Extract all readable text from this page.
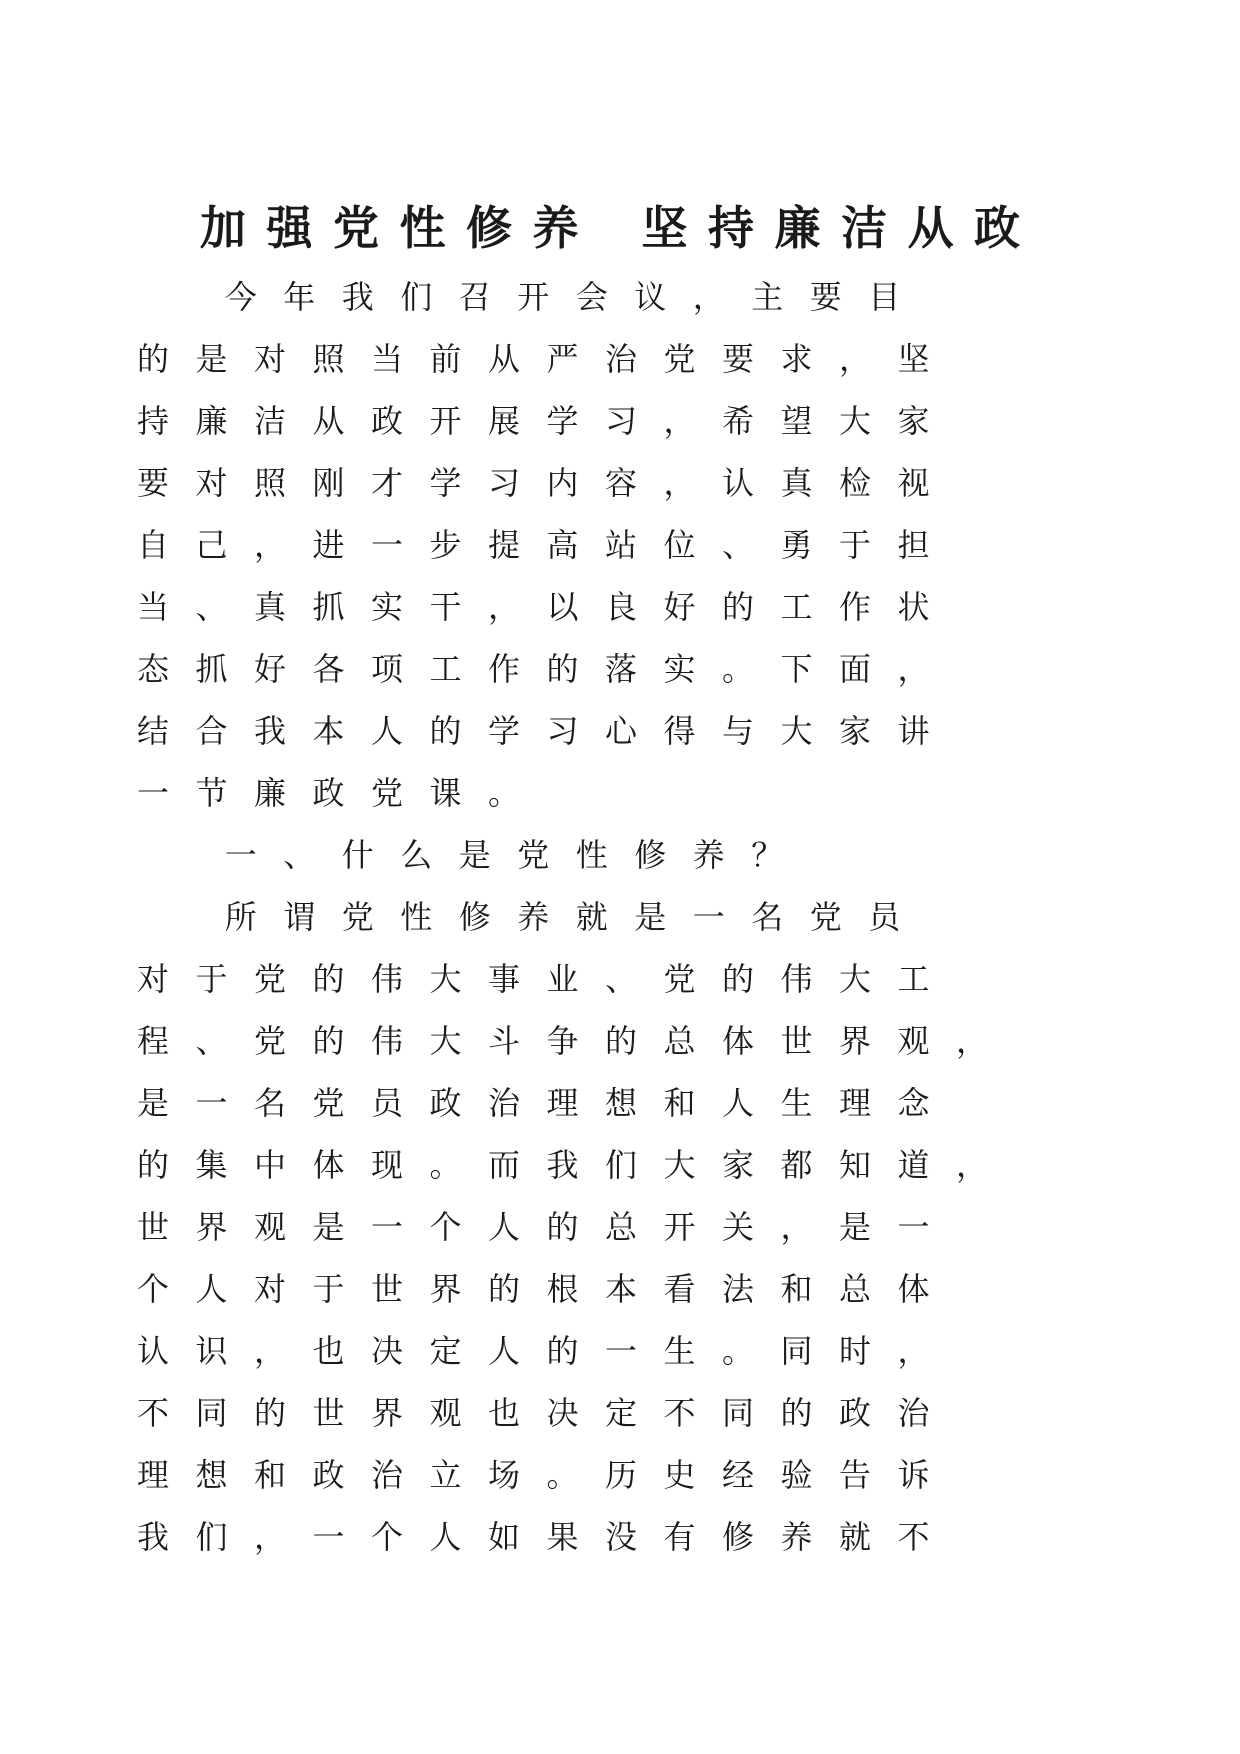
加 强 党 性 修 养 坚 持 廉 洁 从 政
今 年 我 们 召 开 会 议 ， 主 要 目
的 是 对 照 当 前 从 严 治 党 要 求 ， 坚
持 廉 洁 从 政 开 展 学 习 ， 希 望 大 家
要 对 照 刚 才 学 习 内 容 ， 认 真 检 视
自 己 ， 进 一 步 提 高 站 位 、 勇 于 担
当 、 真 抓 实 干 ， 以 良 好 的 工 作 状
态 抓 好 各 项 工 作 的 落 实 。 下 面 ，
结 合 我 本 人 的 学 习 心 得 与 大 家 讲
一 节 廉 政 党 课 。
一 、 什 么 是 党 性 修 养 ？
所 谓 党 性 修 养 就 是 一 名 党 员
对 于 党 的 伟 大 事 业 、 党 的 伟 大 工
程 、 党 的 伟 大 斗 争 的 总 体 世 界 观 ，
是 一 名 党 员 政 治 理 想 和 人 生 理 念
的 集 中 体 现 。 而 我 们 大 家 都 知 道 ，
世 界 观 是 一 个 人 的 总 开 关 ， 是 一
个 人 对 于 世 界 的 根 本 看 法 和 总 体
认 识 ， 也 决 定 人 的 一 生 。 同 时 ，
不 同 的 世 界 观 也 决 定 不 同 的 政 治
理 想 和 政 治 立 场 。 历 史 经 验 告 诉
我 们 ， 一 个 人 如 果 没 有 修 养 就 不
